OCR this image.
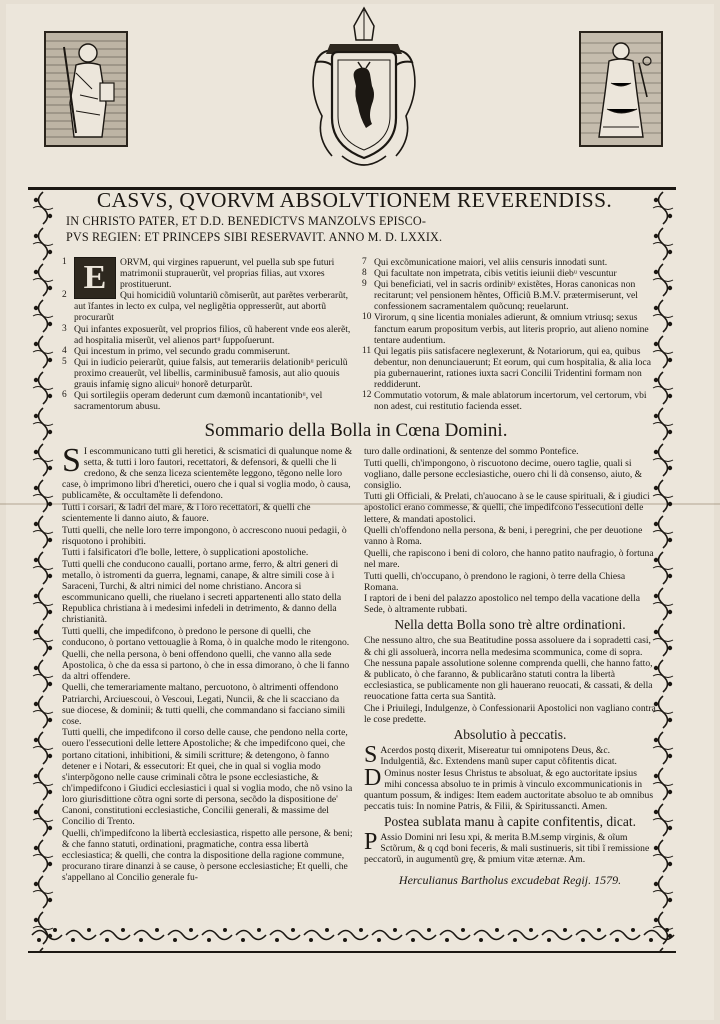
CASVS, QVORVM ABSOLVTIONEM REVERENDISS.
IN CHRISTO PATER, ET D.D. BENEDICTVS MANZOLVS EPISCO-
PVS REGIEN: ET PRINCEPS SIBI RESERVAVIT. ANNO M. D. LXXIX.

1 E	ORVM, qui virgines rapuerunt, vel puella sub spe futuri matrimonii stuprauerũt, vel proprias filias, aut vxores prostituerunt.

2	Qui homicidiũ voluntariũ cõmiserũt, aut parẽtes verberarũt, aut ĩfantes in lecto ex culpa, vel negligẽtia oppresserũt, aut abortũ procurarũt

3 Qui infantes exposuerũt, vel proprios filios, cũ haberent vnde eos alerẽt, ad hospitalia miserũt, vel alienos partᵘ ſuppoſuerunt.

4 Qui incestum in primo, vel secundo gradu commiserunt.

5 Qui in iudicio peierarũt, quiue falsis, aut temerariis delationibᵘ periculũ proximo creauerũt, vel libellis, carminibusuẽ famosis, aut alio quouis grauis infamię signo alicuiᵘ honorẽ deturparũt.

6 Qui sortilegiis operam dederunt cum dæmonũ incantationibᵘ, vel sacramentorum abusu.

7 Qui excõmunicatione maiori, vel aliis censuris innodati sunt.

8 Qui facultate non impetrata, cibis vetitis ieiunii diebᵘ vescuntur

9 Qui beneficiati, vel in sacris ordinibᵘ existẽtes, Horas canonicas non recitarunt; vel pensionem hẽntes, Officiũ B.M.V. prætermiserunt, vel confessionem sacramentalem quõcunq; reuelarunt.

10 Virorum, q sine licentia moniales adierunt, & omnium vtriusq; sexus fanctum earum propositum verbis, aut literis proprio, aut alieno nomine tentare audentium.

11 Qui legatis piis satisfacere neglexerunt, & Notariorum, qui ea, quibus debentur, non denunciauerunt; Et eorum, qui cum hospitalia, & alia loca pia gubernauerint, rationes iuxta sacri Concilii Tridentini formam non reddiderunt.

12 Commutatio votorum, & male ablatorum incertorum, vel certorum, vbi non adest, cui restitutio facienda esset.

Sommario della Bolla in Cœna Domini.

S I escommunicano tutti gli heretici, & scismatici di qualunque nome & setta, & tutti i loro fautori, recettatori, & defensori, & quelli che li credono, & che senza liceza scientemẽte leggono, tẽgono nelle loro case, ò imprimono libri d'heretici, ouero che i qual si voglia modo, ò causa, publicamẽte, & occultamẽte li defendono.

Tutti i corsari, & ladri del mare, & i loro recettatori, & quelli che scientemente li danno aiuto, & fauore.

Tutti quelli, che nelle loro terre impongono, ò accrescono nuoui pedagii, ò risquotono i prohibiti.

Tutti i falsificatori d'le bolle, lettere, ò supplicationi apostoliche.

Tutti quelli che conducono caualli, portano arme, ferro, & altri generi di metallo, ò istromenti da guerra, legnami, canape, & altre simili cose à i Saraceni, Turchi, & altri nimici del nome christiano. Ancora si escommunicano quelli, che riuelano i secreti appartenenti allo stato della Republica christiana à i medesimi infedeli in detrimento, & danno della christianità.

Tutti quelli, che impedifcono, ò predono le persone di quelli, che conducono, ò portano vettouaglie à Roma, ò in qualche modo le ritengono.

Quelli, che nella persona, ò beni offendono quelli, che vanno alla sede Apostolica, ò che da essa si partono, ò che in essa dimorano, ò che li fanno da altri offendere.

Quelli, che temerariamente maltano, percuotono, ò altrimenti offendono Patriarchi, Arciuescoui, ò Vescoui, Legati, Nuncii, & che li scacciano da sue diocese, & dominii; & tutti quelli, che commandano si facciano simili cose.

Tutti quelli, che impedifcono il corso delle cause, che pendono nella corte, ouero l'essecutioni delle lettere Apostoliche; & che impedifcono quei, che portano citationi, inhibitioni, & simili scritture; & detengono, ò fanno detener e i Notari, & essecutori: Et quei, che in qual si voglia modo s'interpõgono nelle cause criminali cõtra le psone ecclesiastiche, & ch'impedifcono i Giudici ecclesiastici i qual si voglia modo, che nõ vsino la loro giurisdittione cõtra ogni sorte di persona, secõdo la dispositione de' Canoni, constitutioni ecclesiastiche, Concilii generali, & massime del Concilio di Trento.

Quelli, ch'impedifcono la libertà ecclesiastica, rispetto alle persone, & beni; & che fanno statuti, ordinationi, pragmatiche, contra essa libertà ecclesiastica; & quelli, che contra la dispositione della ragione commune, procurano tirare dinanzi à se cause, ò persone ecclesiastiche; Et quelli, che s'appellano al Concilio generale fu-

turo dalle ordinationi, & sentenze del sommo Pontefice.

Tutti quelli, ch'impongono, ò riscuotono decime, ouero taglie, quali si vogliano, dalle persone ecclesiastiche, ouero chi li dà consenso, aiuto, & consiglio.

Tutti gli Officiali, & Prelati, ch'auocano à se le cause spirituali, & i giudici apostolici erano commesse, & quelli, che impedifcono l'essecutioni delle lettere, & mandati apostolici.

Quelli ch'offendono nella persona, & beni, i peregrini, che per deuotione vanno à Roma.

Quelli, che rapiscono i beni di coloro, che hanno patito naufragio, ò fortuna nel mare.

Tutti quelli, ch'occupano, ò prendono le ragioni, ò terre della Chiesa Romana.

I raptori de i beni del palazzo apostolico nel tempo della vacatione della Sede, ò altramente rubbati.

Nella detta Bolla sono trè altre ordinationi.

Che nessuno altro, che sua Beatitudine possa assoluere da i sopradetti casi, & chi gli assoluerà, incorra nella medesima scommunica, come di sopra.

Che nessuna papale assolutione solenne comprenda quelli, che hanno fatto, & publicato, ò che faranno, & publicarãno statuti contra la libertà ecclesiastica, se publicamente non gli hauerano reuocati, & cassati, & della reuocatione fatta certa sua Santità.

Che i Priuilegi, Indulgenze, ò Confessionarii Apostolici non vagliano contra le cose predette.

Absolutio à peccatis.

S Acerdos postq dixerit, Misereatur tui omnipotens Deus, &c. Indulgentiã, &c. Extendens manũ super caput cõfitentis dicat.

D Ominus noster Iesus Christus te absoluat, & ego auctoritate ipsius mihi concessa absoluo te in primis à vinculo excommunicationis in quantum possum, & indiges: Item eadem auctoritate absoluo te ab omnibus peccatis tuis: In nomine Patris, & Filii, & Spiritussancti. Amen.

Postea sublata manu à capite confitentis, dicat.

P Assio Domini nri Iesu xpi, & merita B.M.semp virginis, & oĩum Sctõrum, & q cqd boni feceris, & mali sustinueris, sit tibi ĩ remissione peccatorũ, in augumentũ grę, & pmium vitæ æternæ. Am.

Herculianus Bartholus excudebat Regij. 1579.
